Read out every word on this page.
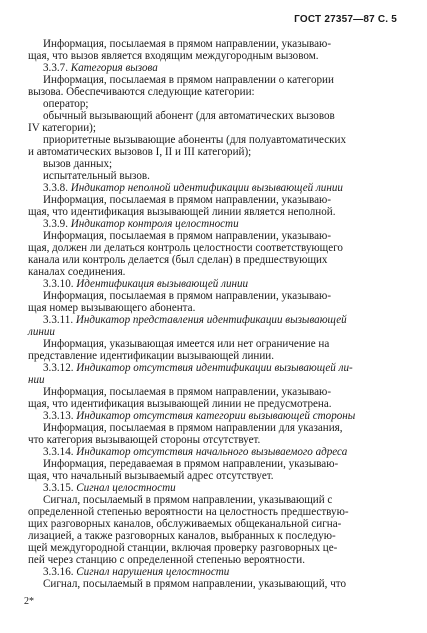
ГОСТ 27357—87 С. 5

Информация, посылаемая в прямом направлении, указываю-

щая, что вызов является входящим междугородным вызовом.

3.3.7. Категория вызова

Информация, посылаемая в прямом направлении о категории

вызова. Обеспечиваются следующие категории:

оператор;

обычный вызывающий абонент (для автоматических вызовов

IV категории);

приоритетные вызывающие абоненты (для полуавтоматических

и автоматических вызовов I, II и III категорий);

вызов данных;

испытательный вызов.

3.3.8. Индикатор неполной идентификации вызывающей линии

Информация, посылаемая в прямом направлении, указываю-

щая, что идентификация вызывающей линии является неполной.

3.3.9. Индикатор контроля целостности

Информация, посылаемая в прямом направлении, указываю-

щая, должен ли делаться контроль целостности соответствующего

канала или контроль делается (был сделан) в предшествующих

каналах соединения.

3.3.10. Идентификация вызывающей линии

Информация, посылаемая в прямом направлении, указываю-

щая номер вызывающего абонента.

3.3.11. Индикатор представления идентификации вызывающей

линии

Информация, указывающая имеется или нет ограничение на

представление идентификации вызывающей линии.

3.3.12. Индикатор отсутствия идентификации вызывающей ли-

нии

Информация, посылаемая в прямом направлении, указываю-

щая, что идентификация вызывающей линии не предусмотрена.

3.3.13. Индикатор отсутствия категории вызывающей стороны

Информация, посылаемая в прямом направлении для указания,

что категория вызывающей стороны отсутствует.

3.3.14. Индикатор отсутствия начального вызываемого адреса

Информация, передаваемая в прямом направлении, указываю-

щая, что начальный вызываемый адрес отсутствует.

3.3.15. Сигнал целостности

Сигнал, посылаемый в прямом направлении, указывающий с

определенной степенью вероятности на целостность предшествую-

щих разговорных каналов, обслуживаемых общеканальной сигна-

лизацией, а также разговорных каналов, выбранных к последую-

щей междугородной станции, включая проверку разговорных це-

пей через станцию с определенной степенью вероятности.

3.3.16. Сигнал нарушения целостности

Сигнал, посылаемый в прямом направлении, указывающий, что

2*
